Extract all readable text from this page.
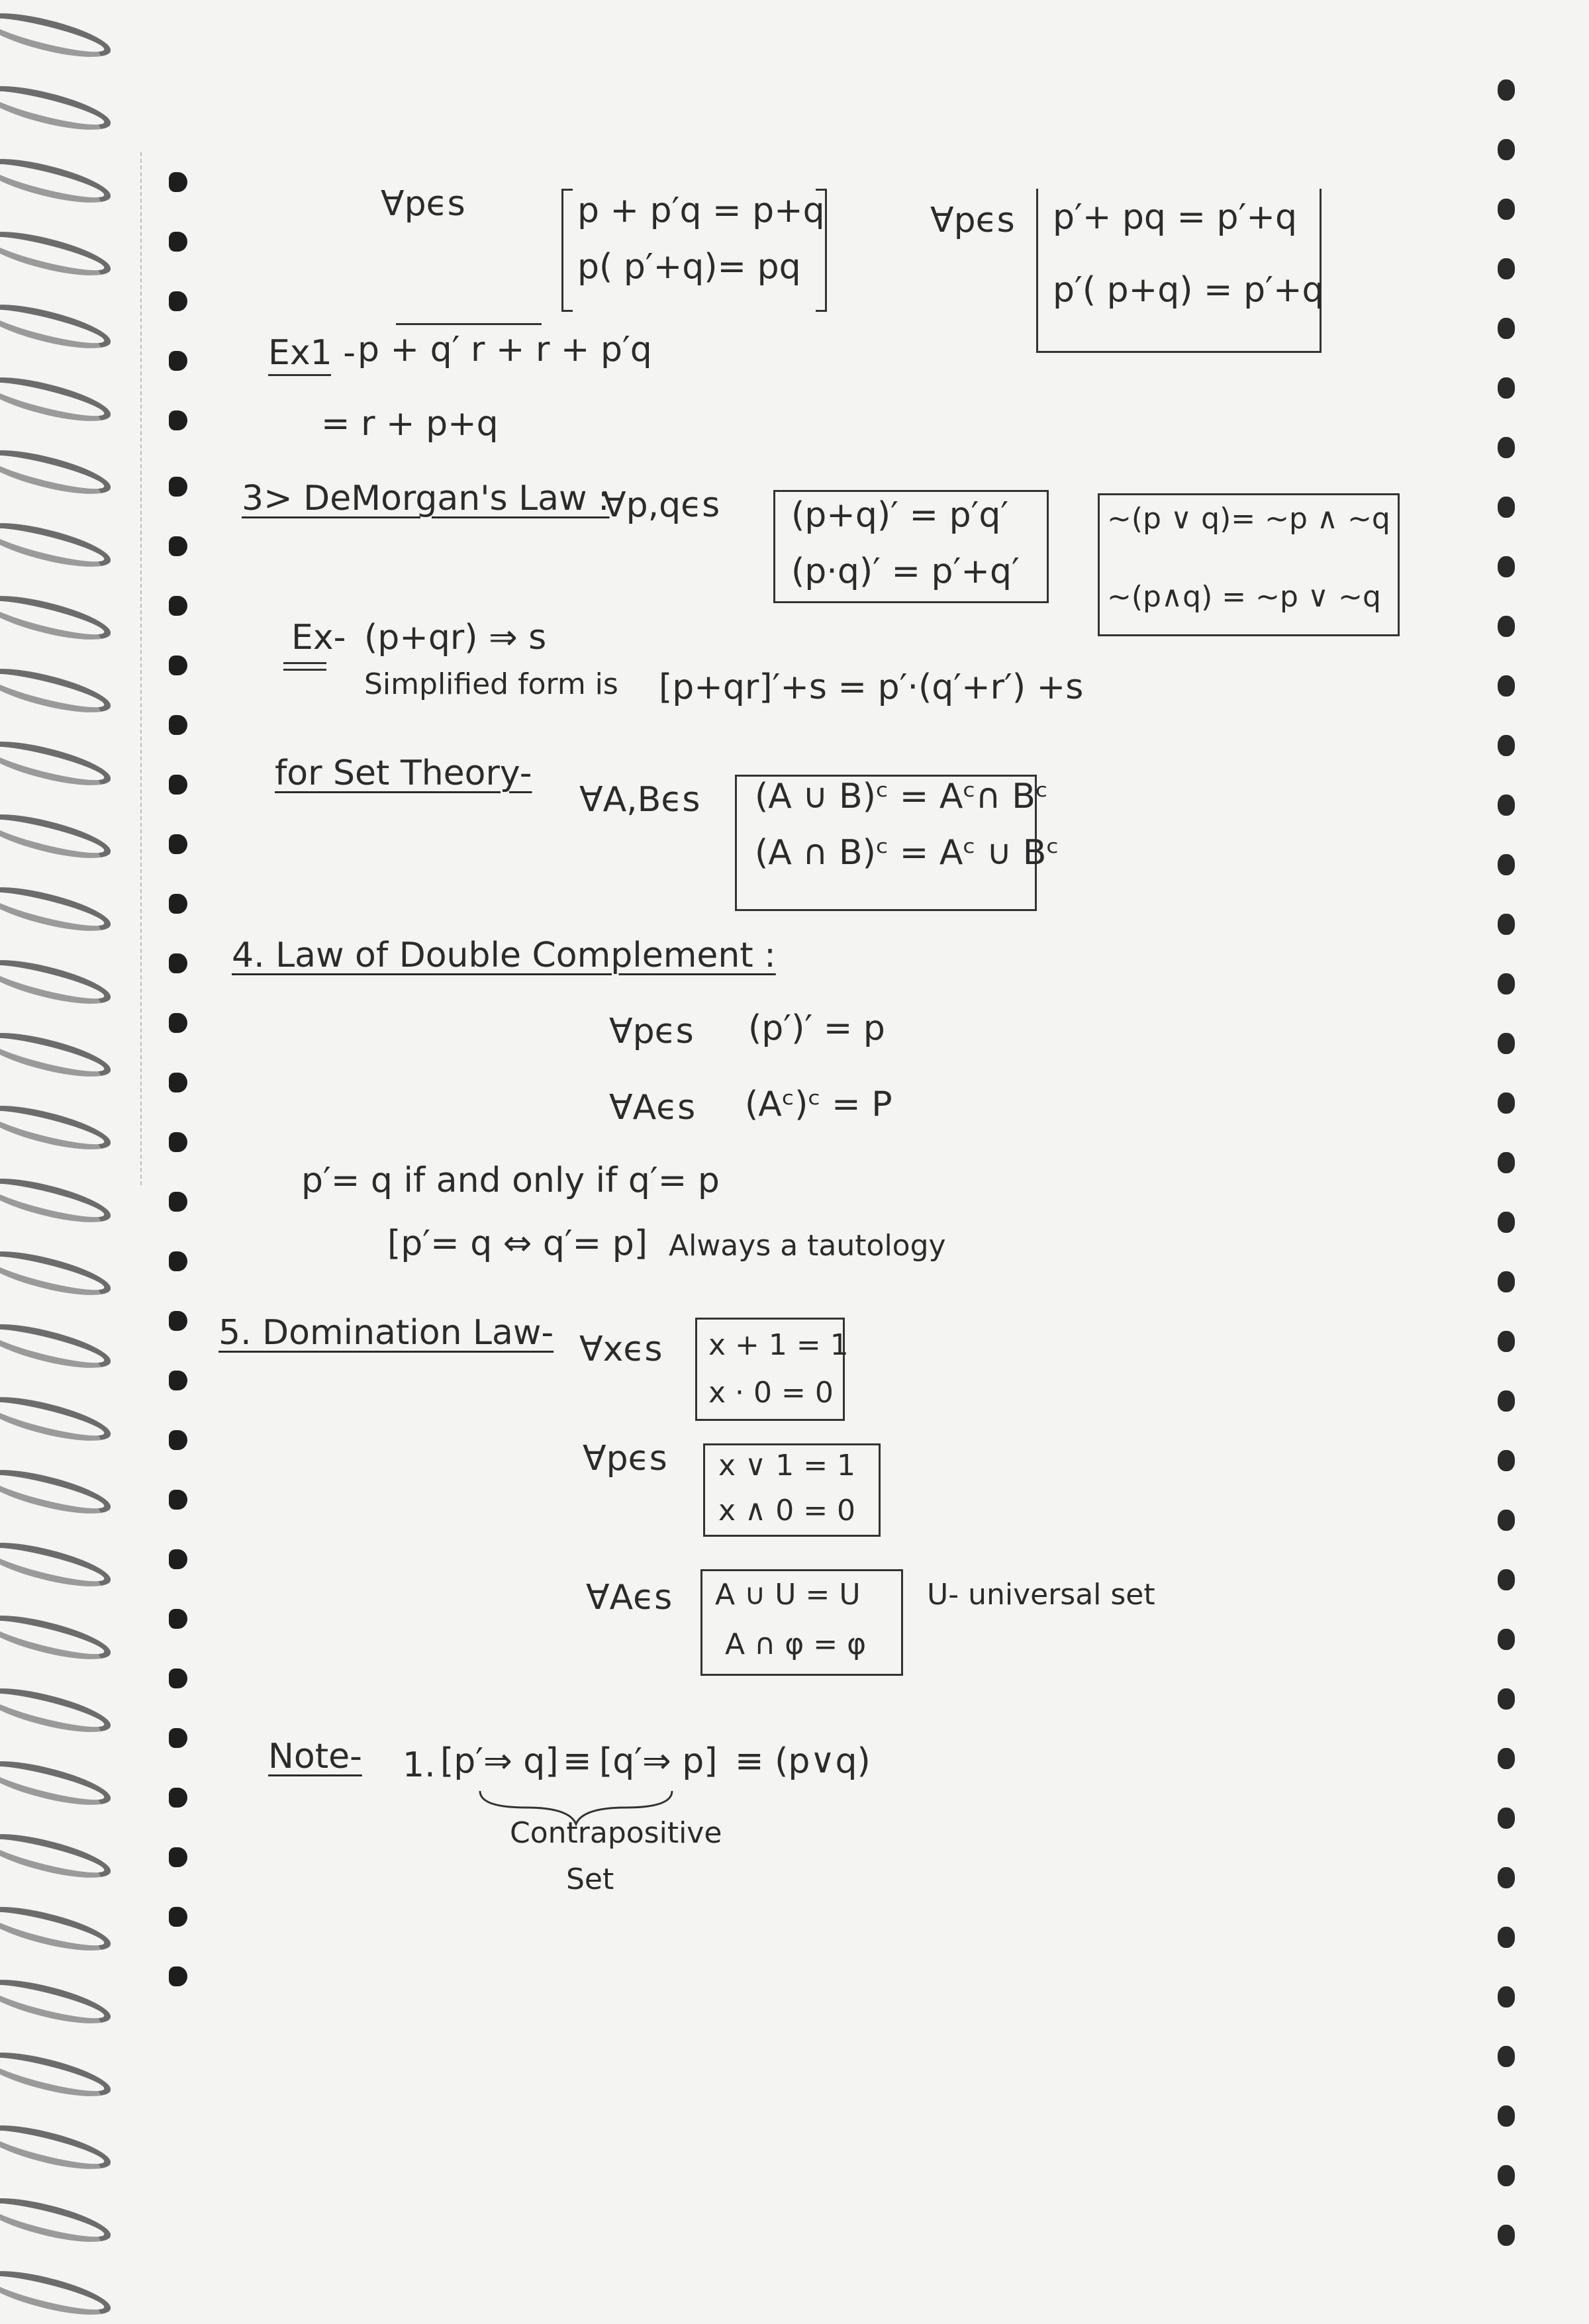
∀pϵs	p + p′q = p+q
p( p′+q)= pq
∀pϵs p′+ pq = p′+q
p′( p+q) = p′+q
Ex1 - p + q′ r + r + p′q
= r + p+q
3> DeMorgan's Law :
∀p,qϵs (p+q)′ = p′q′
(p·q)′ = p′+q′
~(p ∨ q)= ~p ∧ ~q
~(p∧q) = ~p ∨ ~q
Ex- (p+qr) ⇒ s
Simplified form is [p+qr]′+s = p′·(q′+r′) +s
for Set Theory-
∀A,Bϵs (A ∪ B)ᶜ = Aᶜ∩ Bᶜ
(A ∩ B)ᶜ = Aᶜ ∪ Bᶜ
4. Law of Double Complement :
∀pϵs (p′)′ = p
∀Aϵs (Aᶜ)ᶜ = P
p′= q if and only if q′= p
[p′= q ⇔ q′= p] Always a tautology
5. Domination Law- ∀xϵs x + 1 = 1
x · 0 = 0
∀pϵs x ∨ 1 = 1
x ∧ 0 = 0
∀Aϵs A ∪ U = U
A ∩ φ = φ
U- universal set
Note- 1. [p′⇒ q] ≡ [q′⇒ p] ≡ (p∨q)
Contrapositive
Set
